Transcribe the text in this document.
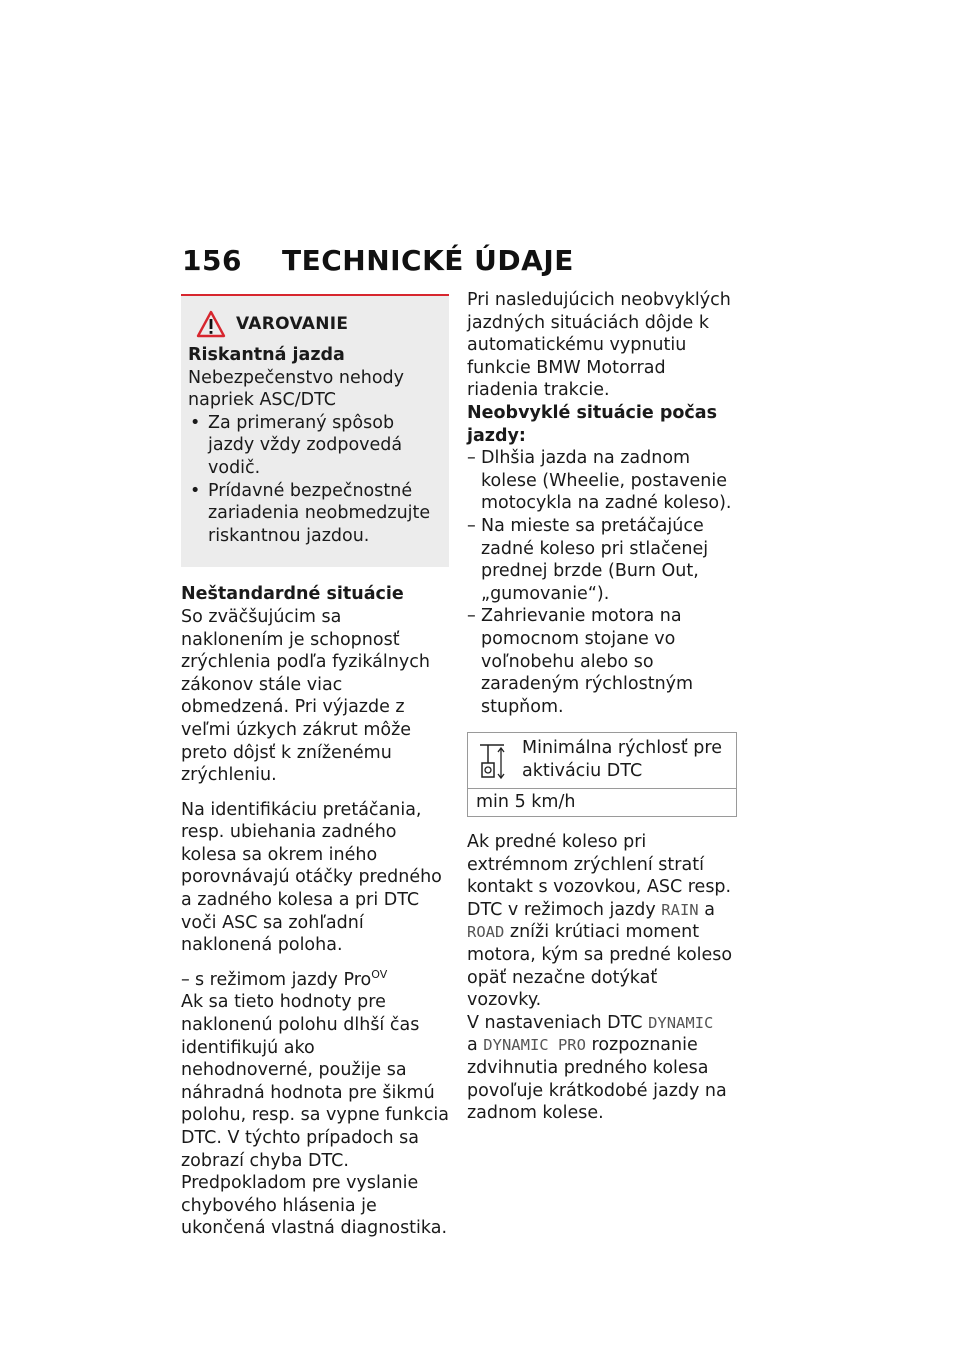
156 TECHNICKÉ ÚDAJE
VAROVANIE

Riskantná jazda

Nebezpečenstvo nehody napriek ASC/DTC

• Za primeraný spôsob jazdy vždy zodpovedá vodič.
• Prídavné bezpečnostné zariadenia neobmedzujte riskantnou jazdou.

Neštandardné situácie

So zväčšujúcim sa naklonením je schopnosť zrýchlenia podľa fyzikálnych zákonov stále viac obmedzená. Pri výjazde z veľmi úzkych zákrut môže preto dôjsť k zníženému zrýchleniu.

Na identifikáciu pretáčania, resp. ubiehania zadného kolesa sa okrem iného porovnávajú otáčky predného a zadného kolesa a pri DTC voči ASC sa zohľadní naklonená poloha.

– s režimom jazdy Pro$^{OV}$

Ak sa tieto hodnoty pre naklonenú polohu dlhší čas identifikujú ako nehodnoverné, použije sa náhradná hodnota pre šikmú polohu, resp. sa vypne funkcia DTC. V týchto prípadoch sa zobrazí chyba DTC. Predpokladom pre vyslanie chybového hlásenia je ukončená vlastná diagnostika.

Pri nasledujúcich neobvyklých jazdných situáciách dôjde k automatickému vypnutiu funkcie BMW Motorrad riadenia trakcie.

Neobvyklé situácie počas jazdy:

– Dlhšia jazda na zadnom kolese (Wheelie, postavenie motocykla na zadné koleso).
– Na mieste sa pretáčajúce zadné koleso pri stlačenej prednej brzde (Burn Out, „gumovanie“).
– Zahrievanie motora na pomocnom stojane vo voľnobehu alebo so zaradeným rýchlostným stupňom.
Minimálna rýchlosť pre aktiváciu DTC
min 5 km/h

Ak predné koleso pri extrémnom zrýchlení stratí kontakt s vozovkou, ASC resp. DTC v režimoch jazdy RAIN a ROAD zníži krútiaci moment motora, kým sa predné koleso opäť nezačne dotýkať vozovky.

V nastaveniach DTC DYNAMIC
a DYNAMIC PRO rozpoznanie zdvihnutia predného kolesa povoľuje krátkodobé jazdy na zadnom kolese.
